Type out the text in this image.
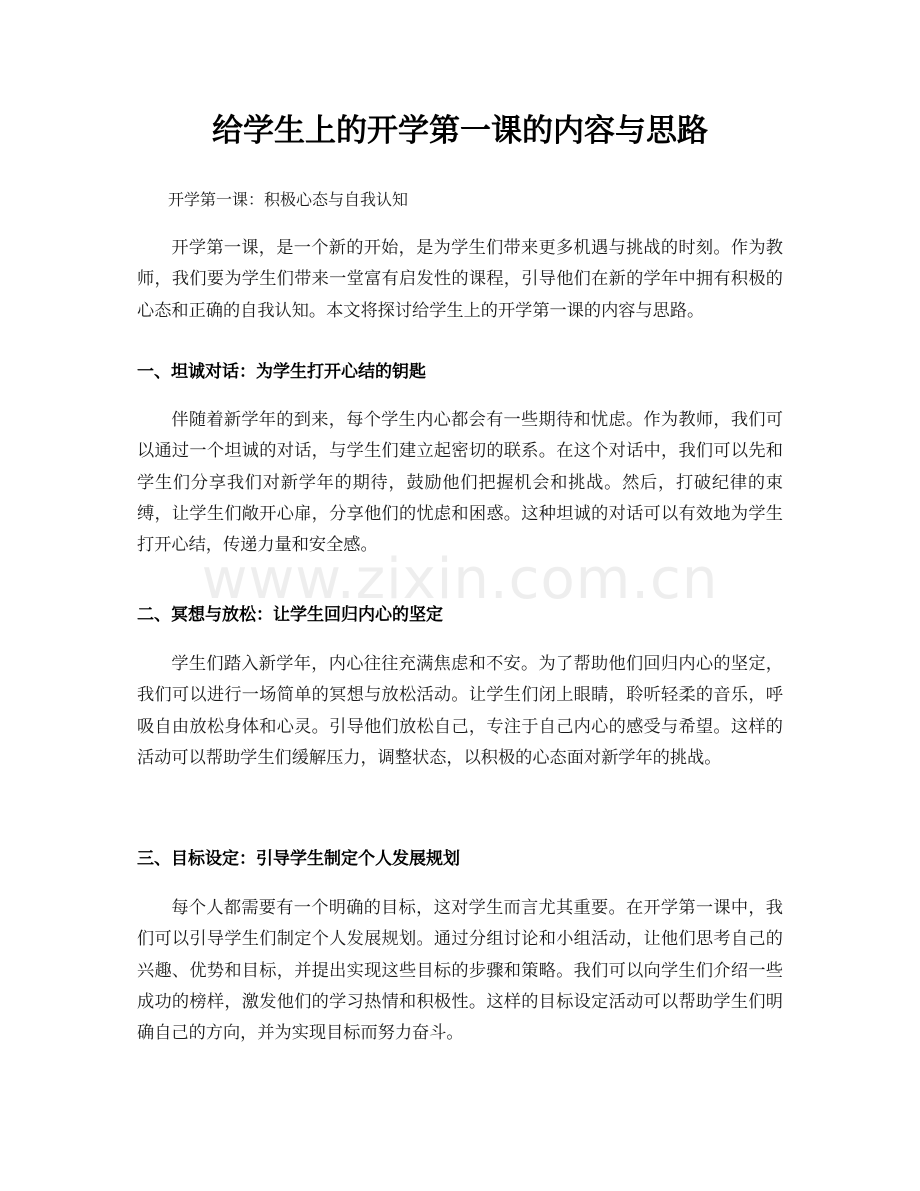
给学生上的开学第一课的内容与思路

开学第一课：积极心态与自我认知

开学第一课，是一个新的开始，是为学生们带来更多机遇与挑战的时刻。作为教师，我们要为学生们带来一堂富有启发性的课程，引导他们在新的学年中拥有积极的心态和正确的自我认知。本文将探讨给学生上的开学第一课的内容与思路。

一、坦诚对话：为学生打开心结的钥匙

伴随着新学年的到来，每个学生内心都会有一些期待和忧虑。作为教师，我们可以通过一个坦诚的对话，与学生们建立起密切的联系。在这个对话中，我们可以先和学生们分享我们对新学年的期待，鼓励他们把握机会和挑战。然后，打破纪律的束缚，让学生们敞开心扉，分享他们的忧虑和困惑。这种坦诚的对话可以有效地为学生打开心结，传递力量和安全感。

二、冥想与放松：让学生回归内心的坚定

学生们踏入新学年，内心往往充满焦虑和不安。为了帮助他们回归内心的坚定，我们可以进行一场简单的冥想与放松活动。让学生们闭上眼睛，聆听轻柔的音乐，呼吸自由放松身体和心灵。引导他们放松自己，专注于自己内心的感受与希望。这样的活动可以帮助学生们缓解压力，调整状态，以积极的心态面对新学年的挑战。

三、目标设定：引导学生制定个人发展规划

每个人都需要有一个明确的目标，这对学生而言尤其重要。在开学第一课中，我们可以引导学生们制定个人发展规划。通过分组讨论和小组活动，让他们思考自己的兴趣、优势和目标，并提出实现这些目标的步骤和策略。我们可以向学生们介绍一些成功的榜样，激发他们的学习热情和积极性。这样的目标设定活动可以帮助学生们明确自己的方向，并为实现目标而努力奋斗。

www.zixin.com.cn
